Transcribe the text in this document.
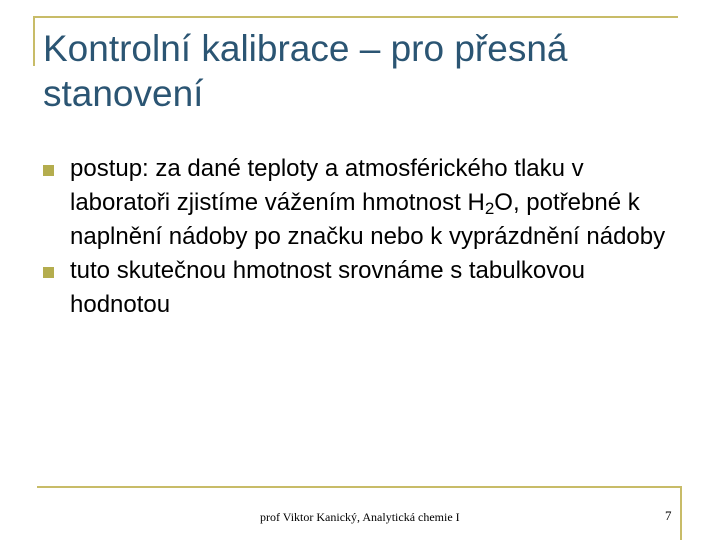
Kontrolní kalibrace – pro přesná stanovení

postup: za dané teploty a atmosférického tlaku v laboratoři zjistíme vážením hmotnost $H_2O$, potřebné k naplnění nádoby po značku nebo k vyprázdnění nádoby

tuto skutečnou hmotnost srovnáme s tabulkovou hodnotou

prof Viktor Kanický, Analytická chemie I	7
